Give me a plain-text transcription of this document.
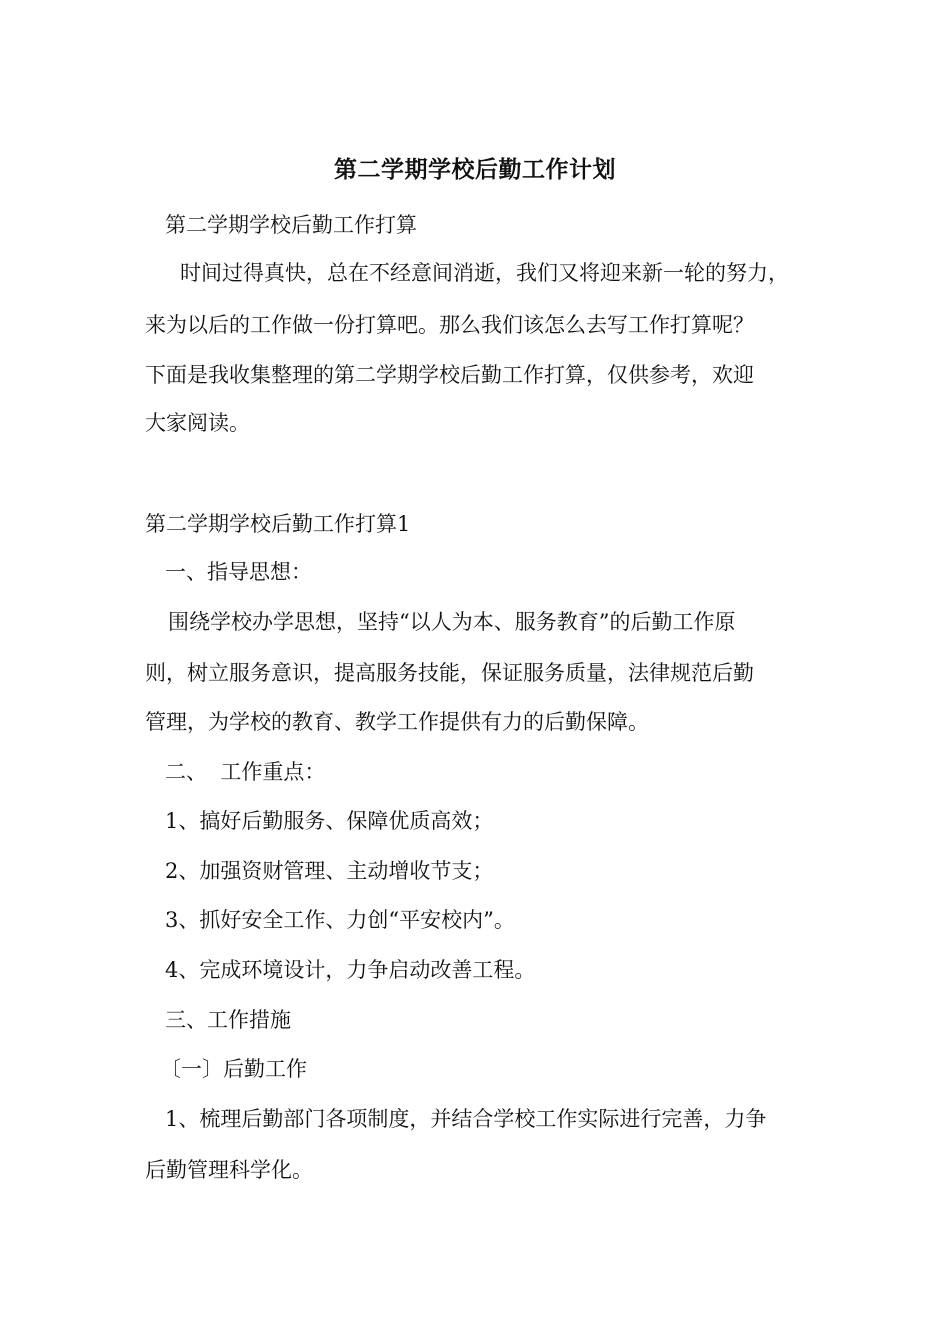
第二学期学校后勤工作计划
第二学期学校后勤工作打算
时间过得真快，总在不经意间消逝，我们又将迎来新一轮的努力，
来为以后的工作做一份打算吧。那么我们该怎么去写工作打算呢？
下面是我收集整理的第二学期学校后勤工作打算，仅供参考，欢迎
大家阅读。
第二学期学校后勤工作打算1
一、指导思想：
围绕学校办学思想，坚持“以人为本、服务教育”的后勤工作原
则，树立服务意识，提高服务技能，保证服务质量，法律规范后勤
管理，为学校的教育、教学工作提供有力的后勤保障。
二、  工作重点：
1、搞好后勤服务、保障优质高效；
2、加强资财管理、主动增收节支；
3、抓好安全工作、力创“平安校内”。
4、完成环境设计，力争启动改善工程。
三、工作措施
〔一〕后勤工作
1、梳理后勤部门各项制度，并结合学校工作实际进行完善，力争
后勤管理科学化。
